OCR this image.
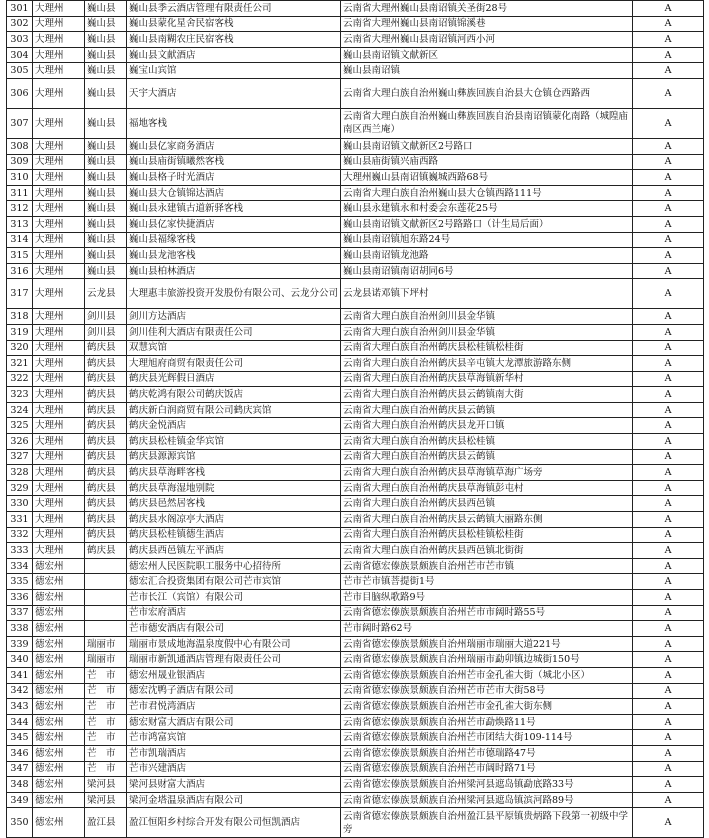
301	大理州	巍山县	巍山县季云酒店管理有限责任公司	云南省大理州巍山县南诏镇关圣街28号	A
302	大理州	巍山县	巍山县蒙化星舍民宿客栈	云南省大理州巍山县南诏镇锦溪巷	A
303	大理州	巍山县	巍山县南糊农庄民宿客栈	云南省大理州巍山县南诏镇河西小河	A
304	大理州	巍山县	巍山县文献酒店	巍山县南诏镇文献新区	A
305	大理州	巍山县	巍宝山宾馆	巍山县南诏镇	A
306	大理州	巍山县	天宇大酒店	云南省大理白族自治州巍山彝族回族自治县大仓镇仓西路西	A
307	大理州	巍山县	福地客栈	云南省大理白族自治州巍山彝族回族自治县南诏镇蒙化南路（城隍庙南区西兰庵）	A
308	大理州	巍山县	巍山县亿家商务酒店	巍山县南诏镇文献新区2号路口	A
309	大理州	巍山县	巍山县庙街镇曦然客栈	巍山县庙街镇兴庙西路	A
310	大理州	巍山县	巍山县格子时光酒店	大理州巍山县南诏镇巍城西路68号	A
311	大理州	巍山县	巍山县大仓镇锦达酒店	云南省大理白族自治州巍山县大仓镇西路111号	A
312	大理州	巍山县	巍山县永建镇古道新驿客栈	巍山县永建镇永和村委会东莲花25号	A
313	大理州	巍山县	巍山县亿家快捷酒店	巍山县南诏镇文献新区2号路路口（计生局后面）	A
314	大理州	巍山县	巍山县福缘客栈	巍山县南诏镇旭东路24号	A
315	大理州	巍山县	巍山县龙池客栈	巍山县南诏镇龙池路	A
316	大理州	巍山县	巍山县柏林酒店	巍山县南诏镇南诏胡同6号	A
317	大理州	云龙县	大理惠丰旅游投资开发股份有限公司、云龙分公司	云龙县诺邓镇下坪村	A
318	大理州	剑川县	剑川方达酒店	云南省大理白族自治州剑川县金华镇	A
319	大理州	剑川县	剑川佳利大酒店有限责任公司	云南省大理白族自治州剑川县金华镇	A
320	大理州	鹤庆县	双慧宾馆	云南省大理白族自治州鹤庆县松桂镇松桂街	A
321	大理州	鹤庆县	大理旭府商贸有限责任公司	云南省大理白族自治州鹤庆县辛屯镇大龙潭旅游路东侧	A
322	大理州	鹤庆县	鹤庆县光辉假日酒店	云南省大理白族自治州鹤庆县草海镇新华村	A
323	大理州	鹤庆县	鹤庆乾鸿有限公司鹤庆饭店	云南省大理白族自治州鹤庆县云鹤镇南大街	A
324	大理州	鹤庆县	鹤庆新白润商贸有限公司鹤庆宾馆	云南省大理白族自治州鹤庆县云鹤镇	A
325	大理州	鹤庆县	鹤庆金悦酒店	云南省大理白族自治州鹤庆县龙开口镇	A
326	大理州	鹤庆县	鹤庆县松桂镇金华宾馆	云南省大理白族自治州鹤庆县松桂镇	A
327	大理州	鹤庆县	鹤庆县源源宾馆	云南省大理白族自治州鹤庆县云鹤镇	A
328	大理州	鹤庆县	鹤庆县草海畔客栈	云南省大理白族自治州鹤庆县草海镇草海广场旁	A
329	大理州	鹤庆县	鹤庆县草海湿地别院	云南省大理白族自治州鹤庆县草海镇彭屯村	A
330	大理州	鹤庆县	鹤庆县邑然居客栈	云南省大理白族自治州鹤庆县西邑镇	A
331	大理州	鹤庆县	鹤庆县水阁凉亭大酒店	云南省大理白族自治州鹤庆县云鹤镇大丽路东侧	A
332	大理州	鹤庆县	鹤庆县松桂镇德生酒店	云南省大理白族自治州鹤庆县松桂镇松桂街	A
333	大理州	鹤庆县	鹤庆县西邑镇左平酒店	云南省大理白族自治州鹤庆县西邑镇北街街	A
334	德宏州		德宏州人民医院职工服务中心招待所	云南省德宏傣族景颇族自治州芒市芒市镇	A
335	德宏州		德宏汇合投资集团有限公司芒市宾馆	芒市芒市镇菩提街1号	A
336	德宏州		芒市长江（宾馆）有限公司	芒市目脑纵歌路9号	A
337	德宏州		芒市宏府酒店	云南省德宏傣族景颇族自治州芒市市阔时路55号	A
338	德宏州		芒市德安酒店有限公司	芒市阔时路62号	A
339	德宏州	瑞丽市	瑞丽市景成地海温泉度假中心有限公司	云南省德宏傣族景颇族自治州瑞丽市瑞丽大道221号	A
340	德宏州	瑞丽市	瑞丽市新凯通酒店管理有限责任公司	云南省德宏傣族景颇族自治州瑞丽市勐卯镇边城街150号	A
341	德宏州	芒　市	德宏州晟业银酒店	云南省德宏傣族景颇族自治州芒市金孔雀大街（城北小区）	A
342	德宏州	芒　市	德宏沈鸭子酒店有限公司	云南省德宏傣族景颇族自治州芒市芒市大街58号	A
343	德宏州	芒　市	芒市君悦湾酒店	云南省德宏傣族景颇族自治州芒市金孔雀大街东侧	A
344	德宏州	芒　市	德宏财富大酒店有限公司	云南省德宏傣族景颇族自治州芒市勐焕路11号	A
345	德宏州	芒　市	芒市鸿富宾馆	云南省德宏傣族景颇族自治州芒市团结大街109-114号	A
346	德宏州	芒　市	芒市凯瑞酒店	云南省德宏傣族景颇族自治州芒市德瑞路47号	A
347	德宏州	芒　市	芒市兴建酒店	云南省德宏傣族景颇族自治州芒市阔时路71号	A
348	德宏州	梁河县	梁河县财富大酒店	云南省德宏傣族景颇族自治州梁河县遮岛镇勐底路33号	A
349	德宏州	梁河县	梁河金塔温泉酒店有限公司	云南省德宏傣族景颇族自治州梁河县遮岛镇滨河路89号	A
350	德宏州	盈江县	盈江恒阳乡村综合开发有限公司恒凯酒店	云南省德宏傣族景颇族自治州盈江县平原镇贵炳路下段第一初级中学旁	A
